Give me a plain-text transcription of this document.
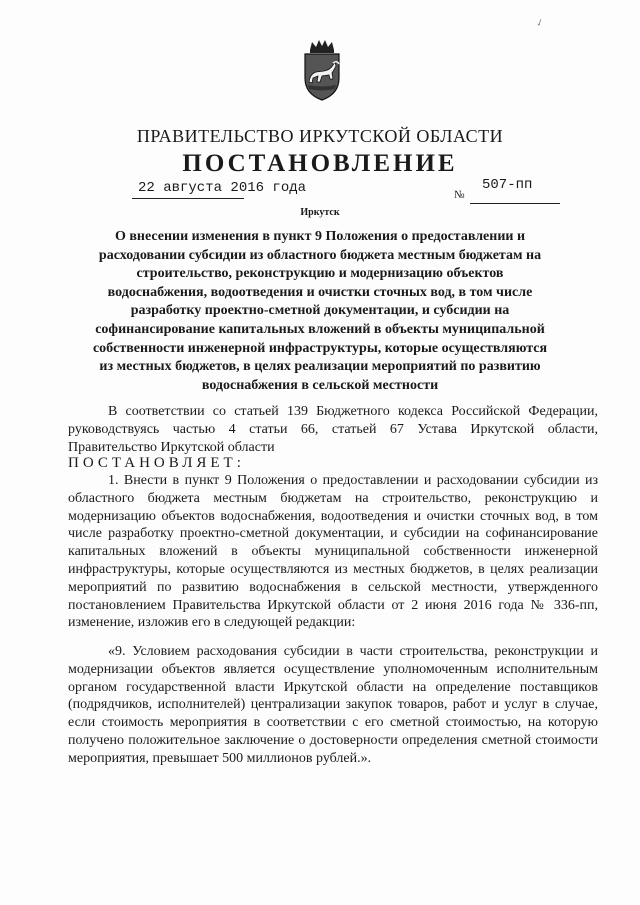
✓
ПРАВИТЕЛЬСТВО ИРКУТСКОЙ ОБЛАСТИ
ПОСТАНОВЛЕНИЕ
22 августа 2016 года	№
507-пп
Иркутск
О внесении изменения в пункт 9 Положения о предоставлении и расходовании субсидии из областного бюджета местным бюджетам на строительство, реконструкцию и модернизацию объектов водоснабжения, водоотведения и очистки сточных вод, в том числе разработку проектно-сметной документации, и субсидии на софинансирование капитальных вложений в объекты муниципальной собственности инженерной инфраструктуры, которые осуществляются из местных бюджетов, в целях реализации мероприятий по развитию водоснабжения в сельской местности

В соответствии со статьей 139 Бюджетного кодекса Российской Федерации, руководствуясь частью 4 статьи 66, статьей 67 Устава Иркутской области, Правительство Иркутской области

ПОСТАНОВЛЯЕТ:

1. Внести в пункт 9 Положения о предоставлении и расходовании субсидии из областного бюджета местным бюджетам на строительство, реконструкцию и модернизацию объектов водоснабжения, водоотведения и очистки сточных вод, в том числе разработку проектно-сметной документации, и субсидии на софинансирование капитальных вложений в объекты муниципальной собственности инженерной инфраструктуры, которые осуществляются из местных бюджетов, в целях реализации мероприятий по развитию водоснабжения в сельской местности, утвержденного постановлением Правительства Иркутской области от 2 июня 2016 года № 336-пп, изменение, изложив его в следующей редакции:

«9. Условием расходования субсидии в части строительства, реконструкции и модернизации объектов является осуществление уполномоченным исполнительным органом государственной власти Иркутской области на определение поставщиков (подрядчиков, исполнителей) централизации закупок товаров, работ и услуг в случае, если стоимость мероприятия в соответствии с его сметной стоимостью, на которую получено положительное заключение о достоверности определения сметной стоимости мероприятия, превышает 500 миллионов рублей.».
